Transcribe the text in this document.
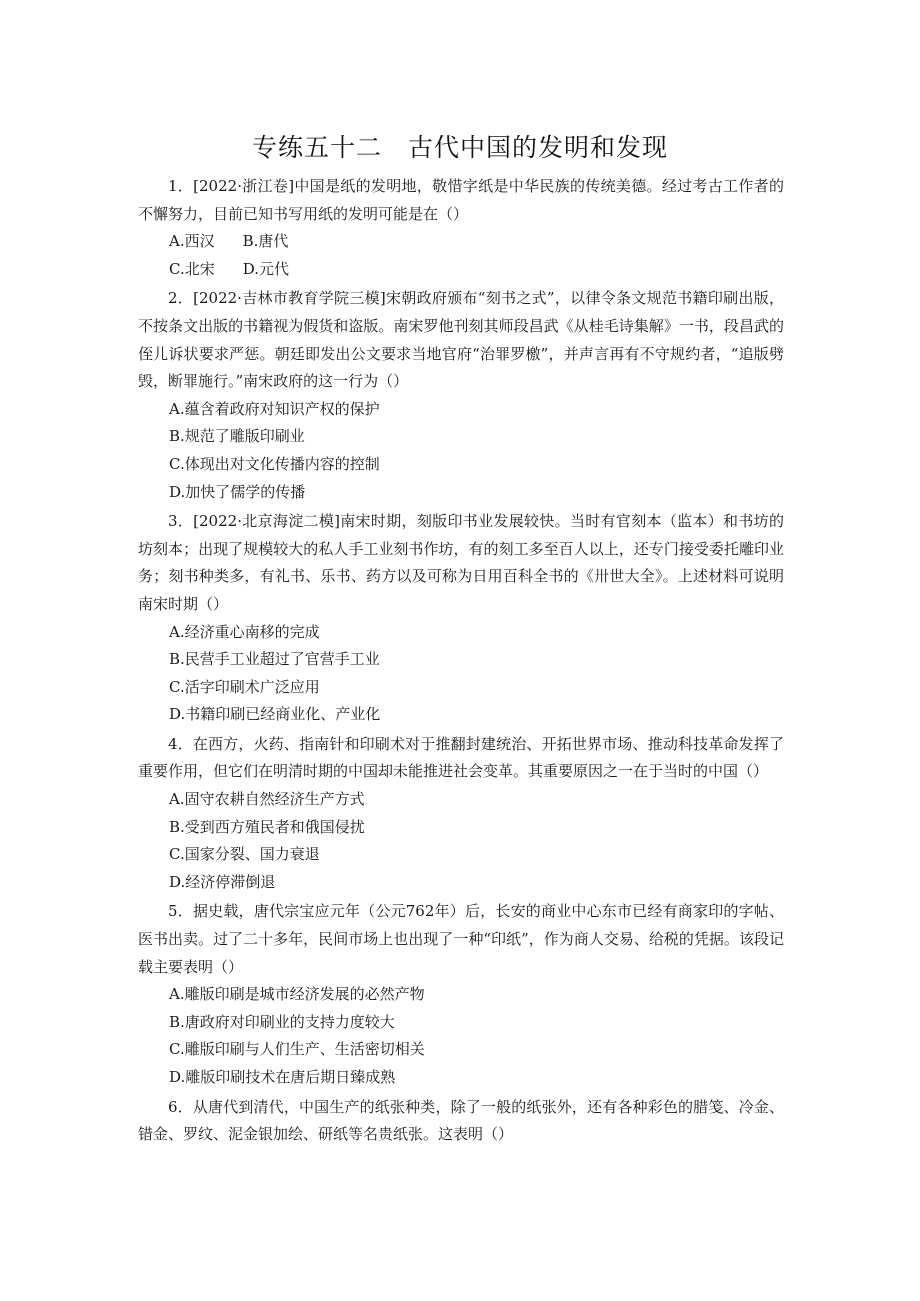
专练五十二　古代中国的发明和发现

1．[2022·浙江卷]中国是纸的发明地，敬惜字纸是中华民族的传统美德。经过考古工作者的不懈努力，目前已知书写用纸的发明可能是在（）

A.西汉 B.唐代
C.北宋 D.元代

2．[2022·吉林市教育学院三模]宋朝政府颁布“刻书之式”，以律令条文规范书籍印刷出版，不按条文出版的书籍视为假货和盗版。南宋罗他刊刻其师段昌武《从桂毛诗集解》一书，段昌武的侄儿诉状要求严惩。朝廷即发出公文要求当地官府“治罪罗檄”，并声言再有不守规约者，“追版劈毁，断罪施行。”南宋政府的这一行为（）

A.蕴含着政府对知识产权的保护

B.规范了雕版印刷业

C.体现出对文化传播内容的控制

D.加快了儒学的传播

3．[2022·北京海淀二模]南宋时期，刻版印书业发展较快。当时有官刻本（监本）和书坊的坊刻本；出现了规模较大的私人手工业刻书作坊，有的刻工多至百人以上，还专门接受委托雕印业务；刻书种类多，有礼书、乐书、药方以及可称为日用百科全书的《卅世大全》。上述材料可说明南宋时期（）

A.经济重心南移的完成

B.民营手工业超过了官营手工业

C.活字印刷术广泛应用

D.书籍印刷已经商业化、产业化

4．在西方，火药、指南针和印刷术对于推翻封建统治、开拓世界市场、推动科技革命发挥了重要作用，但它们在明清时期的中国却未能推进社会变革。其重要原因之一在于当时的中国（）

A.固守农耕自然经济生产方式

B.受到西方殖民者和俄国侵扰

C.国家分裂、国力衰退

D.经济停滞倒退

5．据史载，唐代宗宝应元年（公元762年）后，长安的商业中心东市已经有商家印的字帖、医书出卖。过了二十多年，民间市场上也出现了一种“印纸”，作为商人交易、给税的凭据。该段记载主要表明（）

A.雕版印刷是城市经济发展的必然产物

B.唐政府对印刷业的支持力度较大

C.雕版印刷与人们生产、生活密切相关

D.雕版印刷技术在唐后期日臻成熟

6．从唐代到清代，中国生产的纸张种类，除了一般的纸张外，还有各种彩色的腊笺、冷金、错金、罗纹、泥金银加绘、研纸等名贵纸张。这表明（）
